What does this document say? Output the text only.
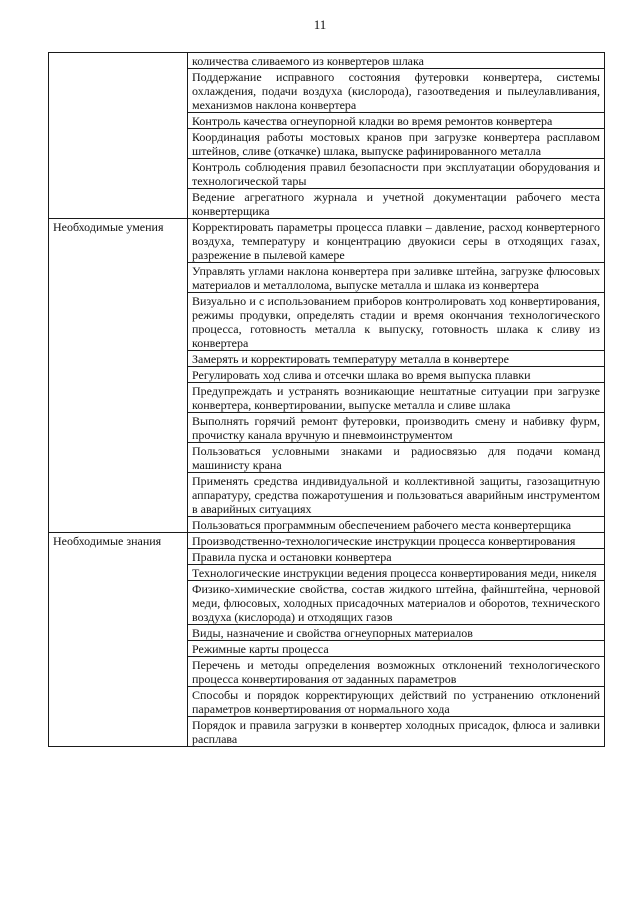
11
	количества сливаемого из конвертеров шлака
	Поддержание исправного состояния футеровки конвертера, системы охлаждения, подачи воздуха (кислорода), газоотведения и пылеулавливания, механизмов наклона конвертера
	Контроль качества огнеупорной кладки во время ремонтов конвертера
	Координация работы мостовых кранов при загрузке конвертера расплавом штейнов, сливе (откачке) шлака, выпуске рафинированного металла
	Контроль соблюдения правил безопасности при эксплуатации оборудования и технологической тары
	Ведение агрегатного журнала и учетной документации рабочего места конвертерщика
Необходимые умения	Корректировать параметры процесса плавки – давление, расход конвертерного воздуха, температуру и концентрацию двуокиси серы в отходящих газах, разрежение в пылевой камере
	Управлять углами наклона конвертера при заливке штейна, загрузке флюсовых материалов и металлолома, выпуске металла и шлака из конвертера
	Визуально и с использованием приборов контролировать ход конвертирования, режимы продувки, определять стадии и время окончания технологического процесса, готовность металла к выпуску, готовность шлака к сливу из конвертера
	Замерять и корректировать температуру металла в конвертере
	Регулировать ход слива и отсечки шлака во время выпуска плавки
	Предупреждать и устранять возникающие нештатные ситуации при загрузке конвертера, конвертировании, выпуске металла и сливе шлака
	Выполнять горячий ремонт футеровки, производить смену и набивку фурм, прочистку канала вручную и пневмоинструментом
	Пользоваться условными знаками и радиосвязью для подачи команд машинисту крана
	Применять средства индивидуальной и коллективной защиты, газозащитную аппаратуру, средства пожаротушения и пользоваться аварийным инструментом в аварийных ситуациях
	Пользоваться программным обеспечением рабочего места конвертерщика
Необходимые знания	Производственно-технологические инструкции процесса конвертирования
	Правила пуска и остановки конвертера
	Технологические инструкции ведения процесса конвертирования меди, никеля
	Физико-химические свойства, состав жидкого штейна, файнштейна, черновой меди, флюсовых, холодных присадочных материалов и оборотов, технического воздуха (кислорода) и отходящих газов
	Виды, назначение и свойства огнеупорных материалов
	Режимные карты процесса
	Перечень и методы определения возможных отклонений технологического процесса конвертирования от заданных параметров
	Способы и порядок корректирующих действий по устранению отклонений параметров конвертирования от нормального хода
	Порядок и правила загрузки в конвертер холодных присадок, флюса и заливки расплава
